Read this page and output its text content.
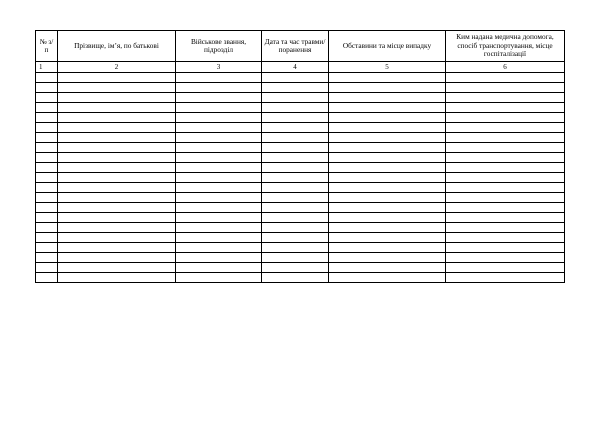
№ з/п	Прізвище, ім’я, по батькові	Військове звання, підрозділ	Дата та час травми/поранення	Обставини та місце випадку	Ким надана медична допомога, спосіб транспортування, місце госпіталізації
1	2	3	4	5	6
